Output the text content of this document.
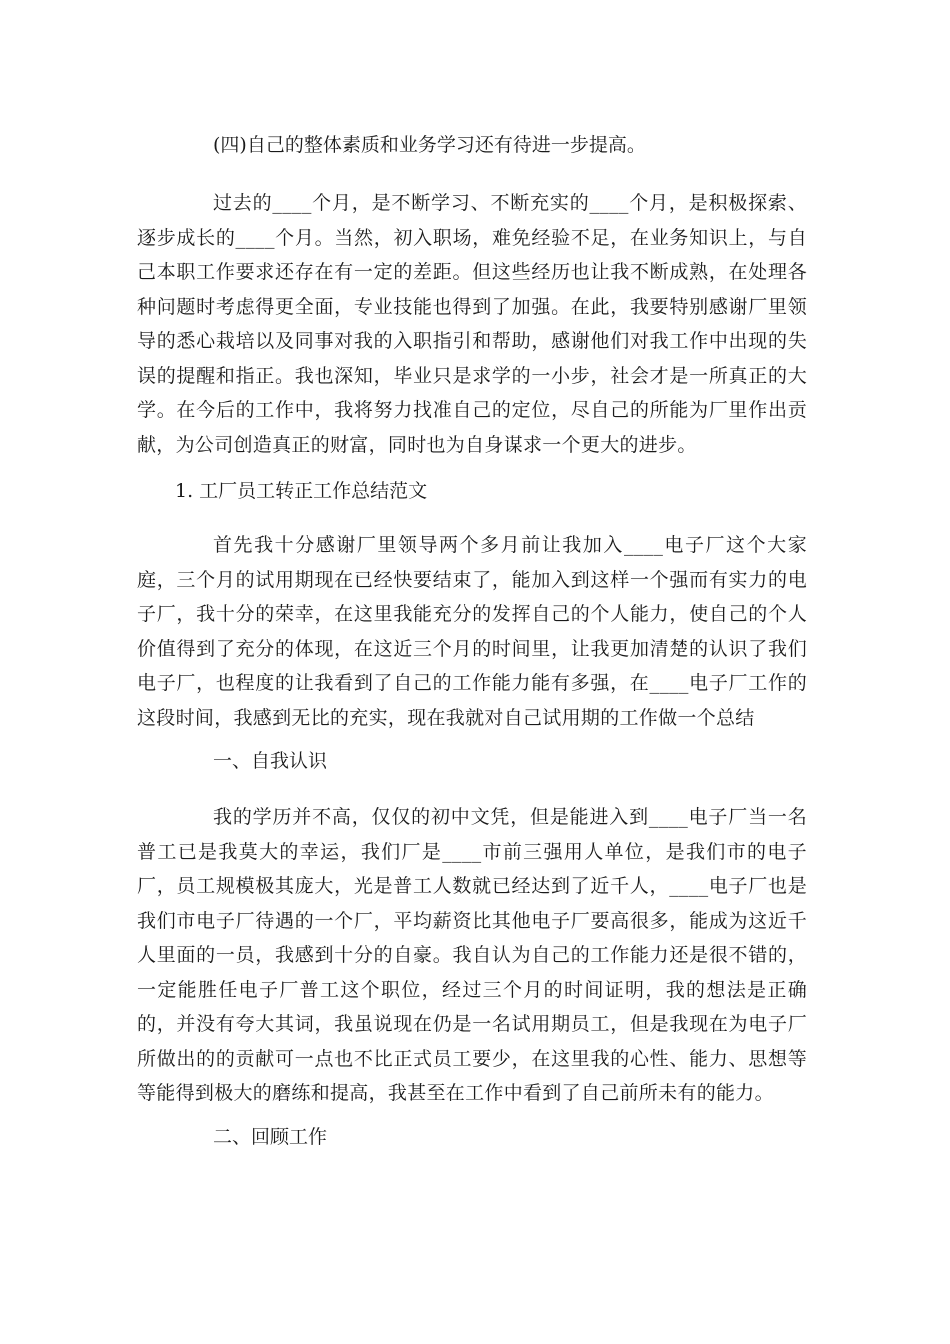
(四)自己的整体素质和业务学习还有待进一步提高。

过去的____个月，是不断学习、不断充实的____个月，是积极探索、逐步成长的____个月。当然，初入职场，难免经验不足，在业务知识上，与自己本职工作要求还存在有一定的差距。但这些经历也让我不断成熟，在处理各种问题时考虑得更全面，专业技能也得到了加强。在此，我要特别感谢厂里领导的悉心栽培以及同事对我的入职指引和帮助，感谢他们对我工作中出现的失误的提醒和指正。我也深知，毕业只是求学的一小步，社会才是一所真正的大学。在今后的工作中，我将努力找准自己的定位，尽自己的所能为厂里作出贡献，为公司创造真正的财富，同时也为自身谋求一个更大的进步。

1. 工厂员工转正工作总结范文

首先我十分感谢厂里领导两个多月前让我加入____电子厂这个大家庭，三个月的试用期现在已经快要结束了，能加入到这样一个强而有实力的电子厂，我十分的荣幸，在这里我能充分的发挥自己的个人能力，使自己的个人价值得到了充分的体现，在这近三个月的时间里，让我更加清楚的认识了我们电子厂，也程度的让我看到了自己的工作能力能有多强，在____电子厂工作的这段时间，我感到无比的充实，现在我就对自己试用期的工作做一个总结

一、自我认识

我的学历并不高，仅仅的初中文凭，但是能进入到____电子厂当一名普工已是我莫大的幸运，我们厂是____市前三强用人单位，是我们市的电子厂，员工规模极其庞大，光是普工人数就已经达到了近千人，____电子厂也是我们市电子厂待遇的一个厂，平均薪资比其他电子厂要高很多，能成为这近千人里面的一员，我感到十分的自豪。我自认为自己的工作能力还是很不错的，一定能胜任电子厂普工这个职位，经过三个月的时间证明，我的想法是正确的，并没有夸大其词，我虽说现在仍是一名试用期员工，但是我现在为电子厂所做出的的贡献可一点也不比正式员工要少，在这里我的心性、能力、思想等等能得到极大的磨练和提高，我甚至在工作中看到了自己前所未有的能力。

二、回顾工作
